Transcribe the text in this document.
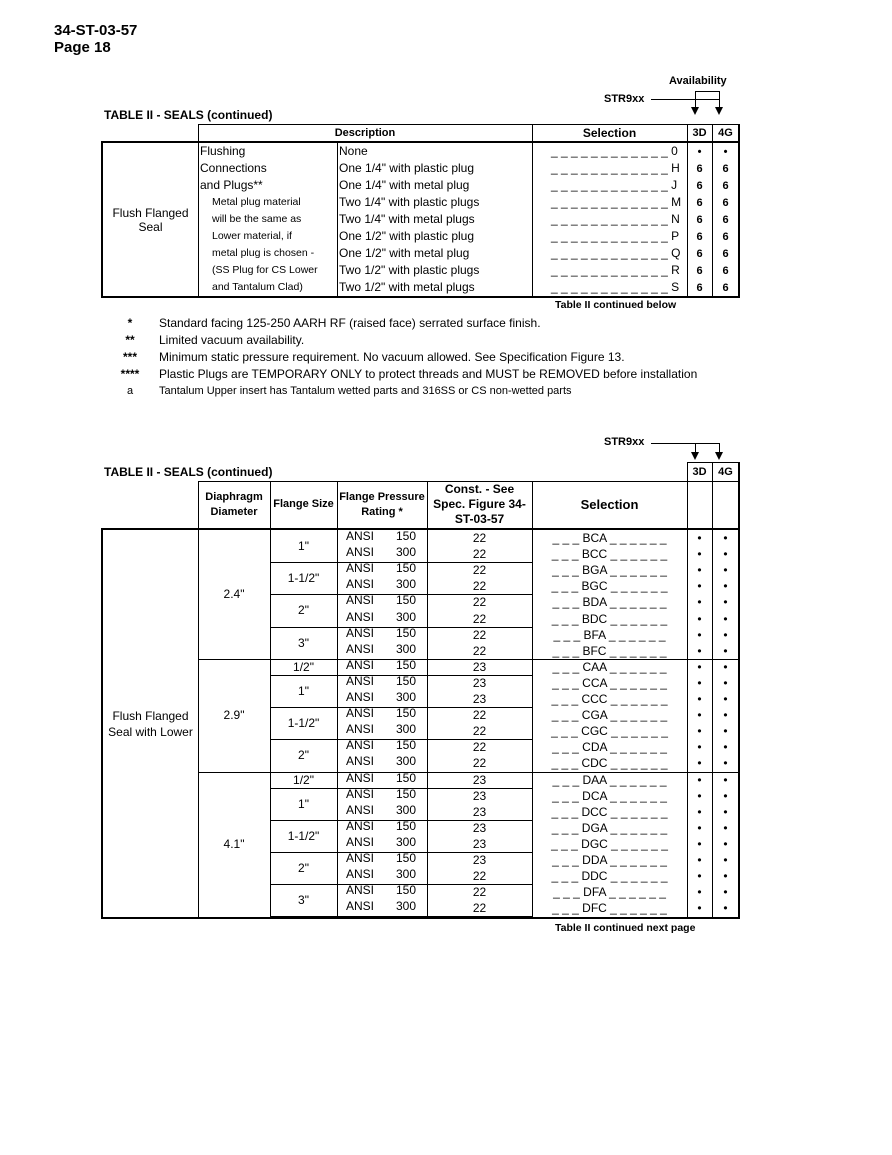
34-ST-03-57
Page 18
Availability
STR9xx
TABLE II - SEALS (continued)
Description	Selection	3D 4G
Flush Flanged
Seal
Flushing
Connections
and Plugs**
Metal plug material
will be the same as
Lower material, if
metal plug is chosen -
(SS Plug for CS Lower
and Tantalum Clad)
None	_ _ _ _ _ _ _ _ _ _ _ _ 0 • •
One 1/4" with plastic plug	_ _ _ _ _ _ _ _ _ _ _ _ H 6 6
One 1/4" with metal plug	_ _ _ _ _ _ _ _ _ _ _ _ J 6 6
Two 1/4" with plastic plugs	_ _ _ _ _ _ _ _ _ _ _ _ M 6 6
Two 1/4" with metal plugs	_ _ _ _ _ _ _ _ _ _ _ _ N 6 6
One 1/2" with plastic plug	_ _ _ _ _ _ _ _ _ _ _ _ P 6 6
One 1/2" with metal plug	_ _ _ _ _ _ _ _ _ _ _ _ Q 6 6
Two 1/2" with plastic plugs	_ _ _ _ _ _ _ _ _ _ _ _ R 6 6
Two 1/2" with metal plugs	_ _ _ _ _ _ _ _ _ _ _ _ S 6 6
Table II continued below
*	Standard facing 125-250 AARH RF (raised face) serrated surface finish.
**	Limited vacuum availability.
***	Minimum static pressure requirement. No vacuum allowed. See Specification Figure 13.
****	Plastic Plugs are TEMPORARY ONLY to protect threads and MUST be REMOVED before installation
a	Tantalum Upper insert has Tantalum wetted parts and 316SS or CS non-wetted parts
STR9xx
TABLE II - SEALS (continued)	3D 4G
Diaphragm
Diameter
Flange Size
Flange Pressure
Rating *
Const. - See
Spec. Figure 34-
ST-03-57
Selection
ANSI 150	22	_ _ _ BCA _ _ _ _ _ _	• •
ANSI 300	22	_ _ _ BCC _ _ _ _ _ _	• •
1"
ANSI 150	22	_ _ _ BGA _ _ _ _ _ _	• •
ANSI 300	22	_ _ _ BGC _ _ _ _ _ _ • •
1-1/2"
ANSI 150	22	_ _ _ BDA _ _ _ _ _ _	• •
ANSI 300	22	_ _ _ BDC _ _ _ _ _ _	• •
2"
ANSI 150	22	_ _ _ BFA _ _ _ _ _ _	• •
ANSI 300	22	_ _ _ BFC _ _ _ _ _ _	• •
3"
2.4"
ANSI 150	23	_ _ _ CAA _ _ _ _ _ _	• •
1/2"
ANSI 150	23	_ _ _ CCA _ _ _ _ _ _	• •
ANSI 300	23	_ _ _ CCC _ _ _ _ _ _ • •
1"
ANSI 150	22	_ _ _ CGA _ _ _ _ _ _	• •
ANSI 300	22	_ _ _ CGC _ _ _ _ _ _ • •
1-1/2"
ANSI 150	22	_ _ _ CDA _ _ _ _ _ _	• •
ANSI 300	22	_ _ _ CDC _ _ _ _ _ _ • •
2"
2.9"
ANSI 150	23	_ _ _ DAA _ _ _ _ _ _	• •
1/2"
ANSI 150	23	_ _ _ DCA _ _ _ _ _ _	• •
ANSI 300	23	_ _ _ DCC _ _ _ _ _ _ • •
1"
ANSI 150	23	_ _ _ DGA _ _ _ _ _ _	• •
ANSI 300	23	_ _ _ DGC _ _ _ _ _ _ • •
1-1/2"
ANSI 150	23	_ _ _ DDA _ _ _ _ _ _	• •
ANSI 300	22	_ _ _ DDC _ _ _ _ _ _ • •
2"
ANSI 150	22	_ _ _ DFA _ _ _ _ _ _	• •
ANSI 300	22	_ _ _ DFC _ _ _ _ _ _	• •
3"
4.1"
Flush Flanged
Seal with Lower
Table II continued next page
